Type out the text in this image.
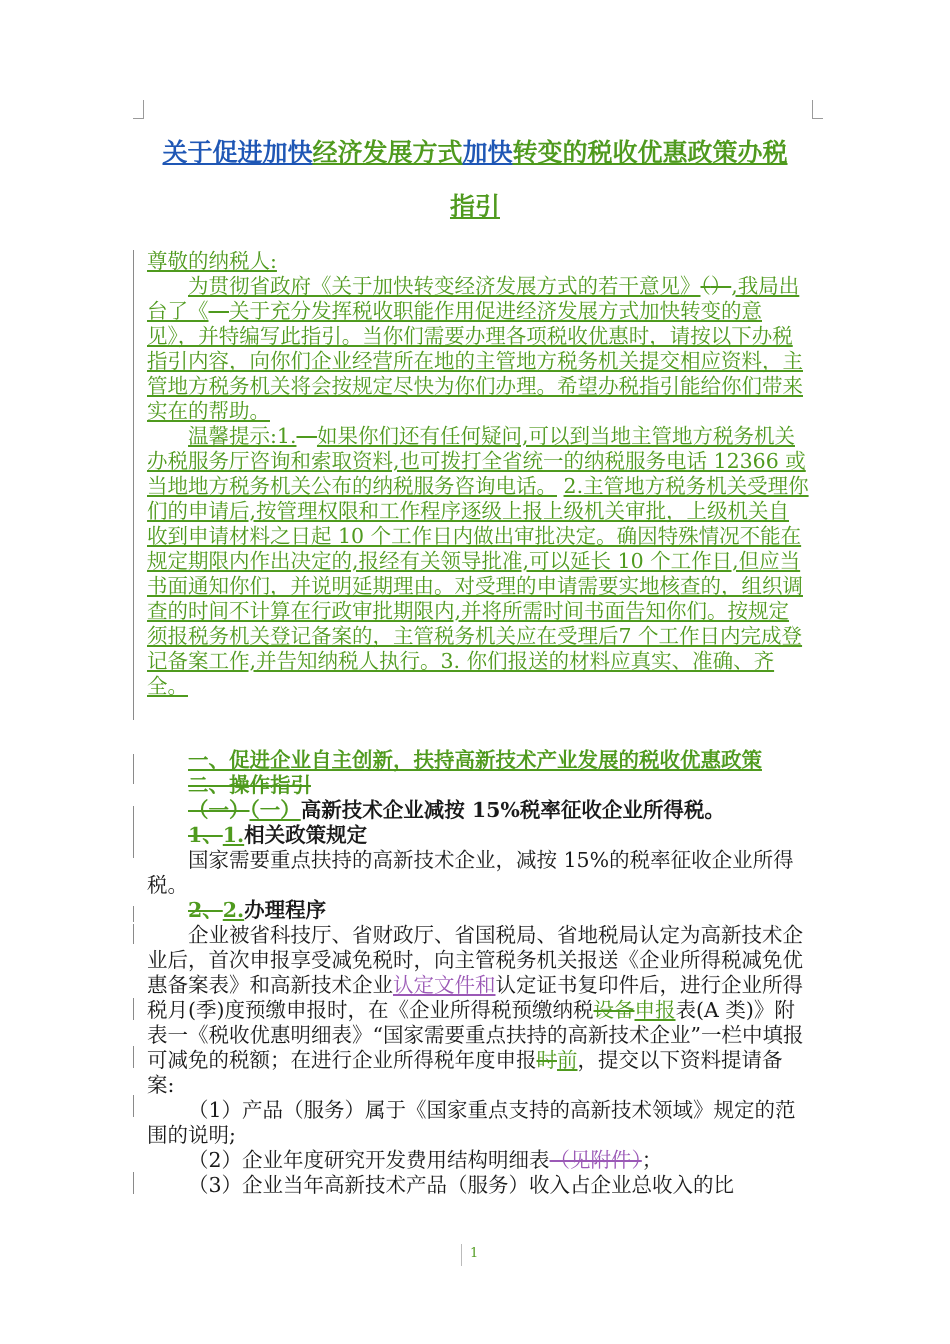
关于促进加快经济发展方式加快转变的税收优惠政策办税
指引

尊敬的纳税人:

为贯彻省政府《关于加快转变经济发展方式的若干意见》（）,我局出台了《—关于充分发挥税收职能作用促进经济发展方式加快转变的意见》，并特编写此指引。当你们需要办理各项税收优惠时，请按以下办税指引内容，向你们企业经营所在地的主管地方税务机关提交相应资料，主管地方税务机关将会按规定尽快为你们办理。希望办税指引能给你们带来实在的帮助。

温馨提示:1.—如果你们还有任何疑问,可以到当地主管地方税务机关办税服务厅咨询和索取资料,也可拨打全省统一的纳税服务电话 12366 或当地地方税务机关公布的纳税服务咨询电话。 2.主管地方税务机关受理你们的申请后,按管理权限和工作程序逐级上报上级机关审批，上级机关自收到申请材料之日起 10 个工作日内做出审批决定。确因特殊情况不能在规定期限内作出决定的,报经有关领导批准,可以延长 10 个工作日,但应当书面通知你们，并说明延期理由。对受理的申请需要实地核查的，组织调查的时间不计算在行政审批期限内,并将所需时间书面告知你们。按规定须报税务机关登记备案的，主管税务机关应在受理后7 个工作日内完成登记备案工作,并告知纳税人执行。3. 你们报送的材料应真实、准确、齐全。

一、促进企业自主创新，扶持高新技术产业发展的税收优惠政策

二、操作指引

（一）（一）高新技术企业减按 15%税率征收企业所得税。

1、1.相关政策规定

国家需要重点扶持的高新技术企业，减按 15%的税率征收企业所得税。

2、2.办理程序

企业被省科技厅、省财政厅、省国税局、省地税局认定为高新技术企业后，首次申报享受减免税时，向主管税务机关报送《企业所得税减免优惠备案表》和高新技术企业认定文件和认定证书复印件后，进行企业所得税月(季)度预缴申报时，在《企业所得税预缴纳税设备申报表(A 类)》附表一《税收优惠明细表》“国家需要重点扶持的高新技术企业”一栏中填报可减免的税额；在进行企业所得税年度申报时前，提交以下资料提请备案:

（1）产品（服务）属于《国家重点支持的高新技术领域》规定的范围的说明;

（2）企业年度研究开发费用结构明细表（见附件）；

（3）企业当年高新技术产品（服务）收入占企业总收入的比

1
